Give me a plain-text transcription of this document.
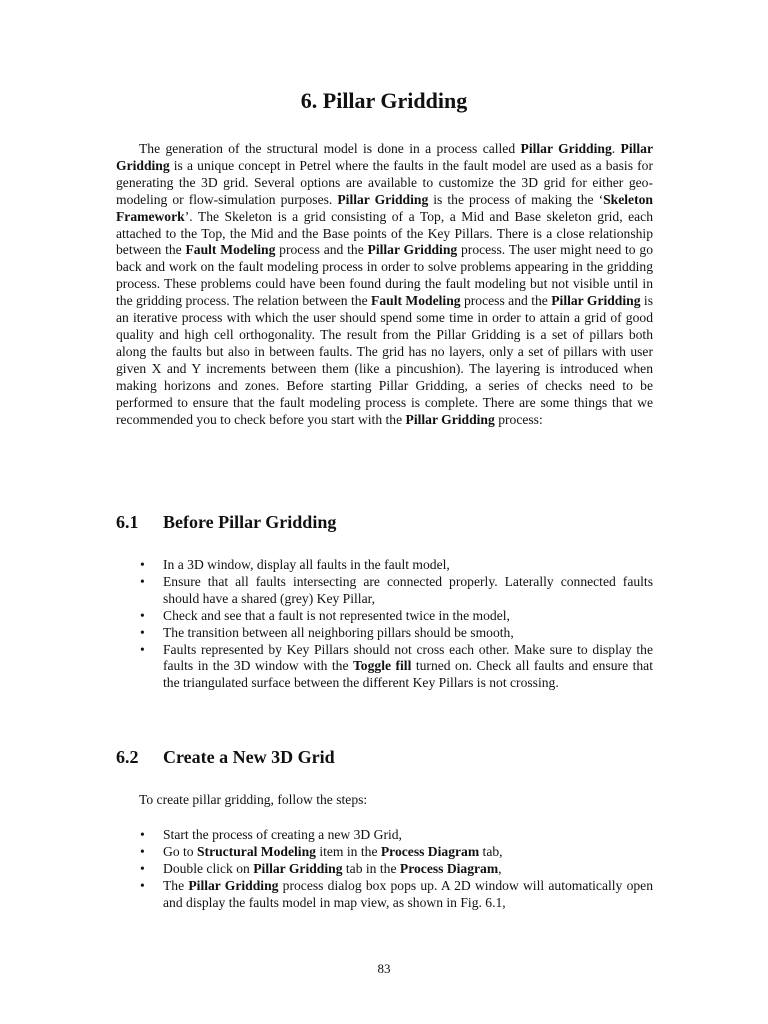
6. Pillar Gridding

The generation of the structural model is done in a process called Pillar Gridding. Pillar Gridding is a unique concept in Petrel where the faults in the fault model are used as a basis for generating the 3D grid. Several options are available to customize the 3D grid for either geo-modeling or flow-simulation purposes. Pillar Gridding is the process of making the ‘Skeleton Framework’. The Skeleton is a grid consisting of a Top, a Mid and Base skeleton grid, each attached to the Top, the Mid and the Base points of the Key Pillars. There is a close relationship between the Fault Modeling process and the Pillar Gridding process. The user might need to go back and work on the fault modeling process in order to solve problems appearing in the gridding process. These problems could have been found during the fault modeling but not visible until in the gridding process. The relation between the Fault Modeling process and the Pillar Gridding is an iterative process with which the user should spend some time in order to attain a grid of good quality and high cell orthogonality. The result from the Pillar Gridding is a set of pillars both along the faults but also in between faults. The grid has no layers, only a set of pillars with user given X and Y increments between them (like a pincushion). The layering is introduced when making horizons and zones. Before starting Pillar Gridding, a series of checks need to be performed to ensure that the fault modeling process is complete. There are some things that we recommended you to check before you start with the Pillar Gridding process:

6.1 Before Pillar Gridding
• In a 3D window, display all faults in the fault model,
• Ensure that all faults intersecting are connected properly. Laterally connected faults should have a shared (grey) Key Pillar,
• Check and see that a fault is not represented twice in the model,
• The transition between all neighboring pillars should be smooth,
• Faults represented by Key Pillars should not cross each other. Make sure to display the faults in the 3D window with the Toggle fill turned on. Check all faults and ensure that the triangulated surface between the different Key Pillars is not crossing.
6.2 Create a New 3D Grid

To create pillar gridding, follow the steps:

• Start the process of creating a new 3D Grid,
• Go to Structural Modeling item in the Process Diagram tab,
• Double click on Pillar Gridding tab in the Process Diagram,
• The Pillar Gridding process dialog box pops up. A 2D window will automatically open and display the faults model in map view, as shown in Fig. 6.1,

83
